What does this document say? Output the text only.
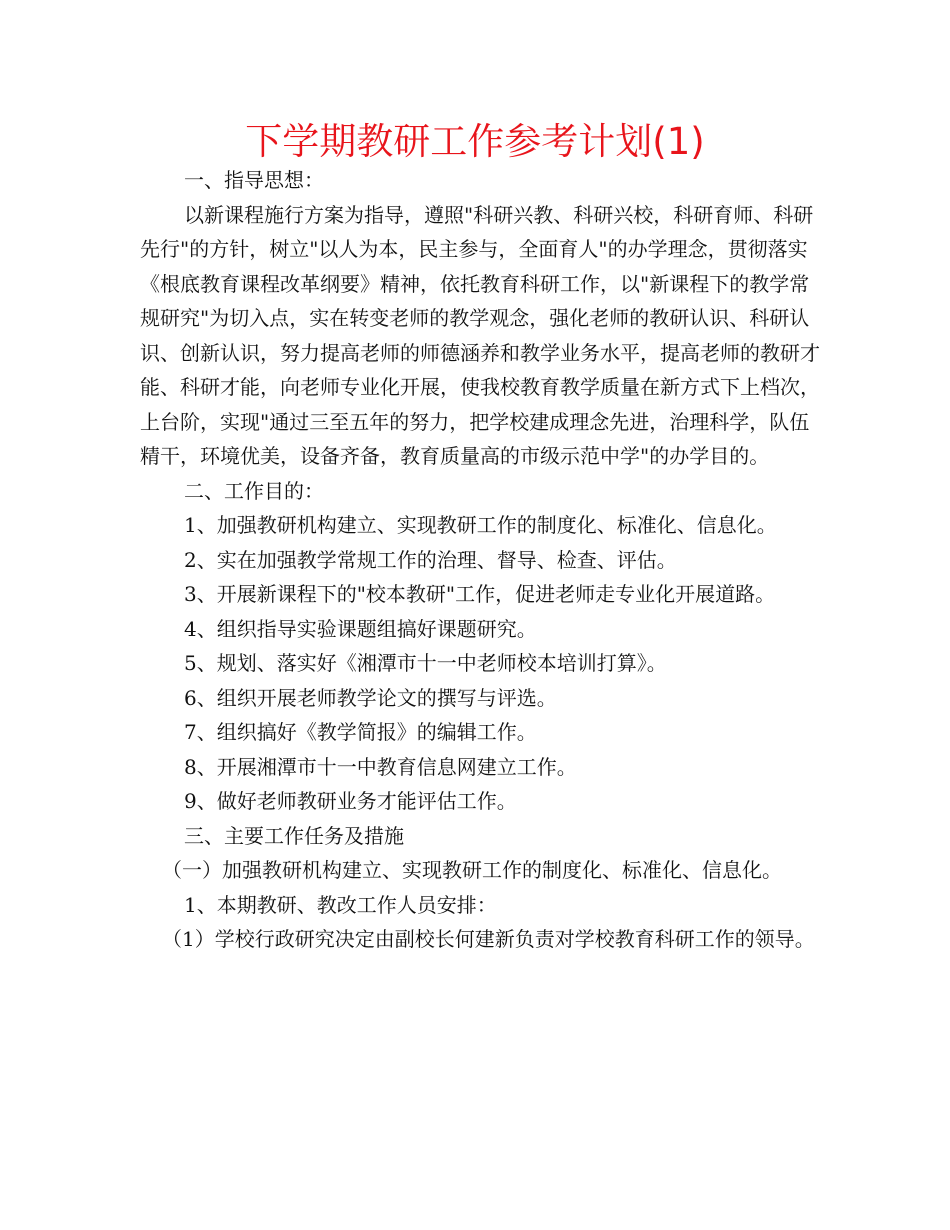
下学期教研工作参考计划(1)

一、指导思想：

以新课程施行方案为指导，遵照"科研兴教、科研兴校，科研育师、科研先行"的方针，树立"以人为本，民主参与，全面育人"的办学理念，贯彻落实《根底教育课程改革纲要》精神，依托教育科研工作，以"新课程下的教学常规研究"为切入点，实在转变老师的教学观念，强化老师的教研认识、科研认识、创新认识，努力提高老师的师德涵养和教学业务水平，提高老师的教研才能、科研才能，向老师专业化开展，使我校教育教学质量在新方式下上档次，上台阶，实现"通过三至五年的努力，把学校建成理念先进，治理科学，队伍精干，环境优美，设备齐备，教育质量高的市级示范中学"的办学目的。

二、工作目的：

1、加强教研机构建立、实现教研工作的制度化、标准化、信息化。

2、实在加强教学常规工作的治理、督导、检查、评估。

3、开展新课程下的"校本教研"工作，促进老师走专业化开展道路。

4、组织指导实验课题组搞好课题研究。

5、规划、落实好《湘潭市十一中老师校本培训打算》。

6、组织开展老师教学论文的撰写与评选。

7、组织搞好《教学简报》的编辑工作。

8、开展湘潭市十一中教育信息网建立工作。

9、做好老师教研业务才能评估工作。

三、主要工作任务及措施

（一）加强教研机构建立、实现教研工作的制度化、标准化、信息化。

1、本期教研、教改工作人员安排：

（1）学校行政研究决定由副校长何建新负责对学校教育科研工作的领导。
